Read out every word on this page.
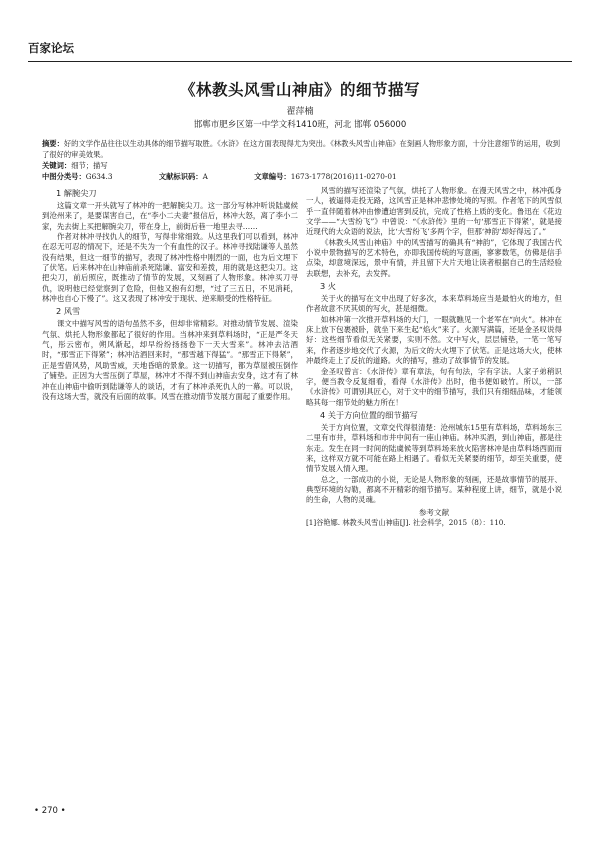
百家论坛
《林教头风雪山神庙》的细节描写
翟萍楠
邯郸市肥乡区第一中学文科1410班，河北 邯郸 056000
摘要：好的文学作品往往以生动具体的细节描写取胜。《水浒》在这方面表现得尤为突出。《林教头风雪山神庙》在刻画人物形象方面，十分注意细节的运用，收到了很好的审美效果。
关键词：细节；描写
中图分类号：G634.3	文献标识码：A	文章编号：1673-1778(2016)11-0270-01
1 解腕尖刀

这篇文章一开头就写了林冲的一把解腕尖刀。这一部分写林冲听说陆虞候到沧州来了，是要谋害自己，在“李小二夫妻”报信后，林冲大怒，离了李小二家，先去街上买把解腕尖刀，带在身上，前街后巷一地里去寻……

作者对林冲寻找仇人的细节，写得非常细致。从这里我们可以看到，林冲在忍无可忍的情况下，还是不失为一个有血性的汉子。林冲寻找陆谦等人虽然没有结果，但这一细节的描写，表现了林冲性格中刚烈的一面，也为后文埋下了伏笔。后来林冲在山神庙前杀死陆谦、富安和差拨，用的就是这把尖刀。这把尖刀，前后照应，既推动了情节的发展，又刻画了人物形象。林冲买刀寻仇，说明他已经觉察到了危险，但他又抱有幻想，“过了三五日，不见消耗，林冲也自心下慢了”。这又表现了林冲安于现状、逆来顺受的性格特征。

2 风雪

课文中描写风雪的语句虽然不多，但却非常精彩。对推动情节发展、渲染气氛、烘托人物形象都起了很好的作用。当林冲来到草料场时，“正是严冬天气，彤云密布，朔风渐起，却早纷纷扬扬卷下一天大雪来”。林冲去沽酒时，“那雪正下得紧”；林冲沽酒回来时，“那雪越下得猛”。“那雪正下得紧”，正是雪借风势，风助雪威，天地昏暗的景象。这一切描写，都为草屋被压倒作了铺垫。正因为大雪压倒了草屋，林冲才不得不到山神庙去安身，这才有了林冲在山神庙中偷听到陆谦等人的谈话，才有了林冲杀死仇人的一幕。可以说，没有这场大雪，就没有后面的故事。风雪在推动情节发展方面起了重要作用。

风雪的描写还渲染了气氛，烘托了人物形象。在漫天风雪之中，林冲孤身一人，被逼得走投无路，这风雪正是林冲悲惨处境的写照。作者笔下的风雪似乎一直伴随着林冲由惨遭迫害到反抗，完成了性格上质的变化。鲁迅在《花边文学——“大雪纷飞”》中曾说：“《水浒传》里的一句‘那雪正下得紧’，就是接近现代的大众语的说法，比‘大雪纷飞’多两个字，但那‘神韵’却好得远了。”

《林教头风雪山神庙》中的风雪描写的确具有“神韵”，它体现了我国古代小说中景物描写的艺术特色，亦即我国传统的写意画，寥寥数笔，仿佛是信手点染，却意境深远，景中有情，并且留下大片天地让读者根据自己的生活经验去联想，去补充，去发挥。

3 火

关于火的描写在文中出现了好多次，本来草料场应当是最怕火的地方，但作者故意不厌其烦的写火，甚是细微。

如林冲第一次推开草料场的大门，一眼就瞧见一个老军在“向火”。林冲在床上放下包裹被卧，就坐下来生起“焰火”来了。火源写满篇，还是金圣叹说得好：这些细节看似无关紧要，实则不然。文中写火，层层铺垫，一笔一笔写来，作者逐步地交代了火源，为后文的大火埋下了伏笔。正是这场大火，使林冲最终走上了反抗的道路。火的描写，推动了故事情节的发展。

金圣叹曾言：《水浒传》章有章法，句有句法，字有字法。人家子弟稍识字，便当教令反复细看，看得《水浒传》出时，他书便如破竹。所以，一部《水浒传》可谓别具匠心，对于文中的细节描写，我们只有细细品味，才能领略其每一细节处的魅力所在！

4 关于方向位置的细节描写

关于方向位置，文章交代得很清楚：沧州城东15里有草料场，草料场东三二里有市井，草料场和市井中间有一座山神庙。林冲买酒，到山神庙，都是往东走。发生在同一时间的陆虞候等到草料场来放火陷害林冲是由草料场西面而来，这样双方就不可能在路上相遇了。看似无关紧要的细节，却至关重要，使情节发展入情入理。

总之，一部成功的小说，无论是人物形象的刻画，还是故事情节的展开、典型环境的勾勒，都离不开精彩的细节描写。某种程度上讲，细节，就是小说的生命，人物的灵魂。

参考文献

[1]谷艳娜. 林教头风雪山神庙[J]. 社会科学，2015（8）：110.

• 270 •
